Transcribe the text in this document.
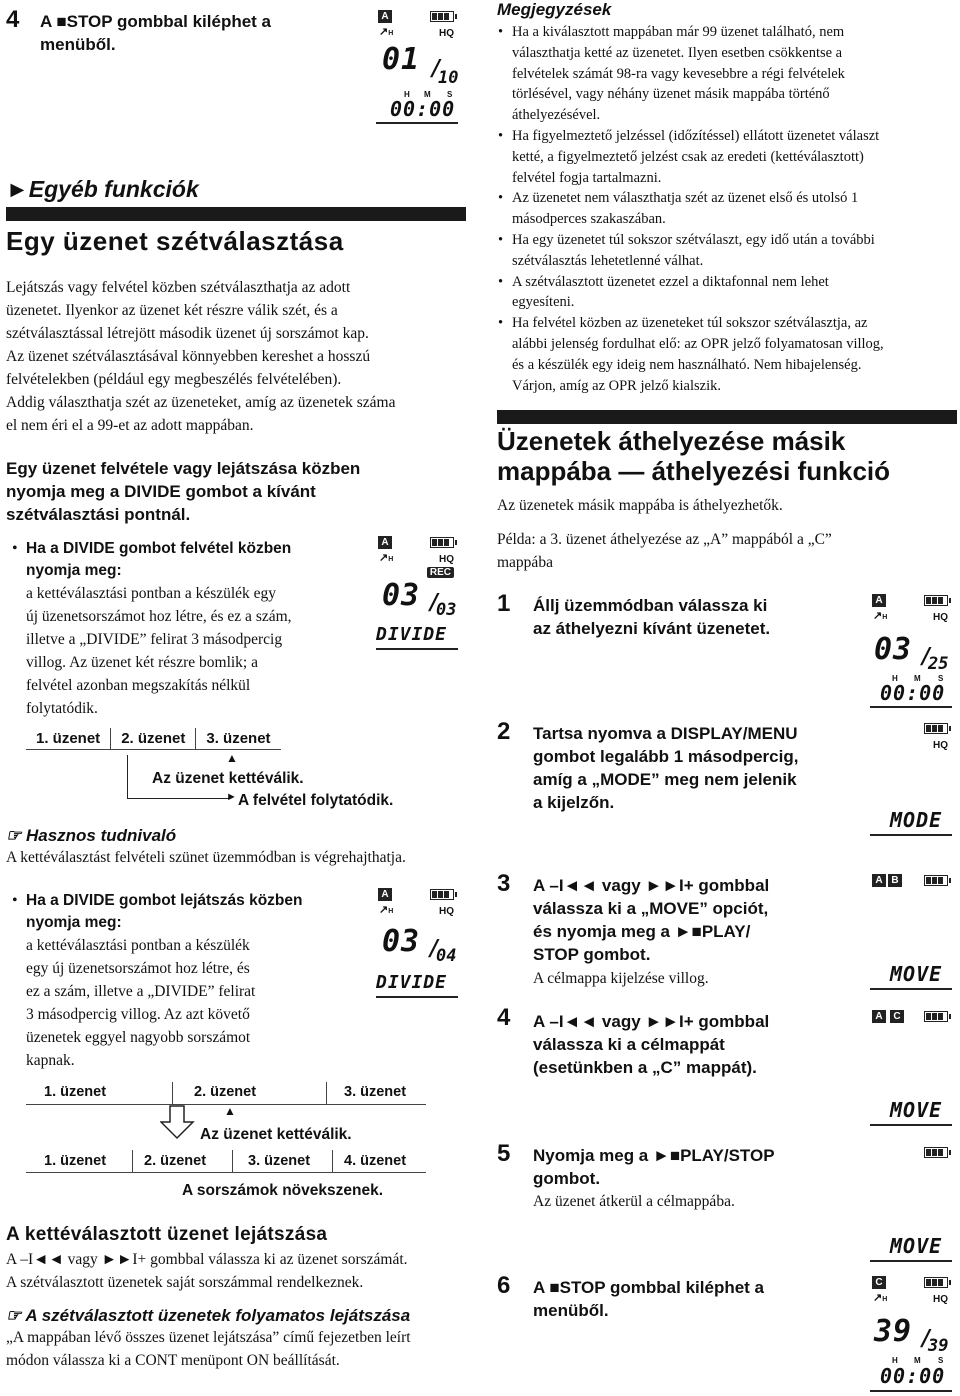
4 A ■STOP gombbal kiléphet a
menüből.
A
↗H	HQ
01 /
10
H M S
00:00
►Egyéb funkciók
Egy üzenet szétválasztása
Lejátszás vagy felvétel közben szétválaszthatja az adott
üzenetet. Ilyenkor az üzenet két részre válik szét, és a
szétválasztással létrejött második üzenet új sorszámot kap.
Az üzenet szétválasztásával könnyebben kereshet a hosszú
felvételekben (például egy megbeszélés felvételében).
Addig választhatja szét az üzeneteket, amíg az üzenetek száma
el nem éri el a 99-et az adott mappában.
Egy üzenet felvétele vagy lejátszása közben
nyomja meg a DIVIDE gombot a kívánt
szétválasztási pontnál.
• Ha a DIVIDE gombot felvétel közben
nyomja meg:
a kettéválasztási pontban a készülék egy
új üzenetsorszámot hoz létre, és ez a szám,
illetve a „DIVIDE” felirat 3 másodpercig
villog. Az üzenet két részre bomlik; a
felvétel azonban megszakítás nélkül
folytatódik.
A
↗H	HQ
REC
03 /
03
DIVIDE
1. üzenet	2. üzenet	3. üzenet
▲
Az üzenet kettéválik.
► A felvétel folytatódik.
☞ Hasznos tudnivaló
A kettéválasztást felvételi szünet üzemmódban is végrehajthatja.
• Ha a DIVIDE gombot lejátszás közben
nyomja meg:
a kettéválasztási pontban a készülék
egy új üzenetsorszámot hoz létre, és
ez a szám, illetve a „DIVIDE” felirat
3 másodpercig villog. Az azt követő
üzenetek eggyel nagyobb sorszámot
kapnak.
A
↗H	HQ
03 /
04
DIVIDE
1. üzenet	2. üzenet	3. üzenet
▲
Az üzenet kettéválik.
1. üzenet	2. üzenet	3. üzenet 4. üzenet
A sorszámok növekszenek.
A kettéválasztott üzenet lejátszása
A –I◄◄ vagy ►►I+ gombbal válassza ki az üzenet sorszámát.
A szétválasztott üzenetek saját sorszámmal rendelkeznek.
☞ A szétválasztott üzenetek folyamatos lejátszása
„A mappában lévő összes üzenet lejátszása” című fejezetben leírt
módon válassza ki a CONT menüpont ON beállítását.
Megjegyzések
• Ha a kiválasztott mappában már 99 üzenet található, nem
választhatja ketté az üzenetet. Ilyen esetben csökkentse a
felvételek számát 98-ra vagy kevesebbre a régi felvételek
törlésével, vagy néhány üzenet másik mappába történő
áthelyezésével.
• Ha figyelmeztető jelzéssel (időzítéssel) ellátott üzenetet választ
ketté, a figyelmeztető jelzést csak az eredeti (kettéválasztott)
felvétel fogja tartalmazni.
• Az üzenetet nem választhatja szét az üzenet első és utolsó 1
másodperces szakaszában.
• Ha egy üzenetet túl sokszor szétválaszt, egy idő után a további
szétválasztás lehetetlenné válhat.
• A szétválasztott üzenetet ezzel a diktafonnal nem lehet
egyesíteni.
• Ha felvétel közben az üzeneteket túl sokszor szétválasztja, az
alábbi jelenség fordulhat elő: az OPR jelző folyamatosan villog,
és a készülék egy ideig nem használható. Nem hibajelenség.
Várjon, amíg az OPR jelző kialszik.
Üzenetek áthelyezése másik
mappába — áthelyezési funkció
Az üzenetek másik mappába is áthelyezhetők.
Példa: a 3. üzenet áthelyezése az „A” mappából a „C”
mappába
1 Állj üzemmódban válassza ki
az áthelyezni kívánt üzenetet.
A
↗H	HQ
03 /
25
H M S
00:00
2 Tartsa nyomva a DISPLAY/MENU
gombot legalább 1 másodpercig,
amíg a „MODE” meg nem jelenik
a kijelzőn.
HQ
MODE
3 A –I◄◄ vagy ►►I+ gombbal
válassza ki a „MOVE” opciót,
és nyomja meg a ►■PLAY/
STOP gombot.
A célmappa kijelzése villog.
A B
MOVE
4 A –I◄◄ vagy ►►I+ gombbal
válassza ki a célmappát
(esetünkben a „C” mappát).
A	C
MOVE
5 Nyomja meg a ►■PLAY/STOP
gombot.
Az üzenet átkerül a célmappába.
MOVE
6 A ■STOP gombbal kiléphet a
menüből.
C
↗H	HQ
39 /
39
H M S
00:00
